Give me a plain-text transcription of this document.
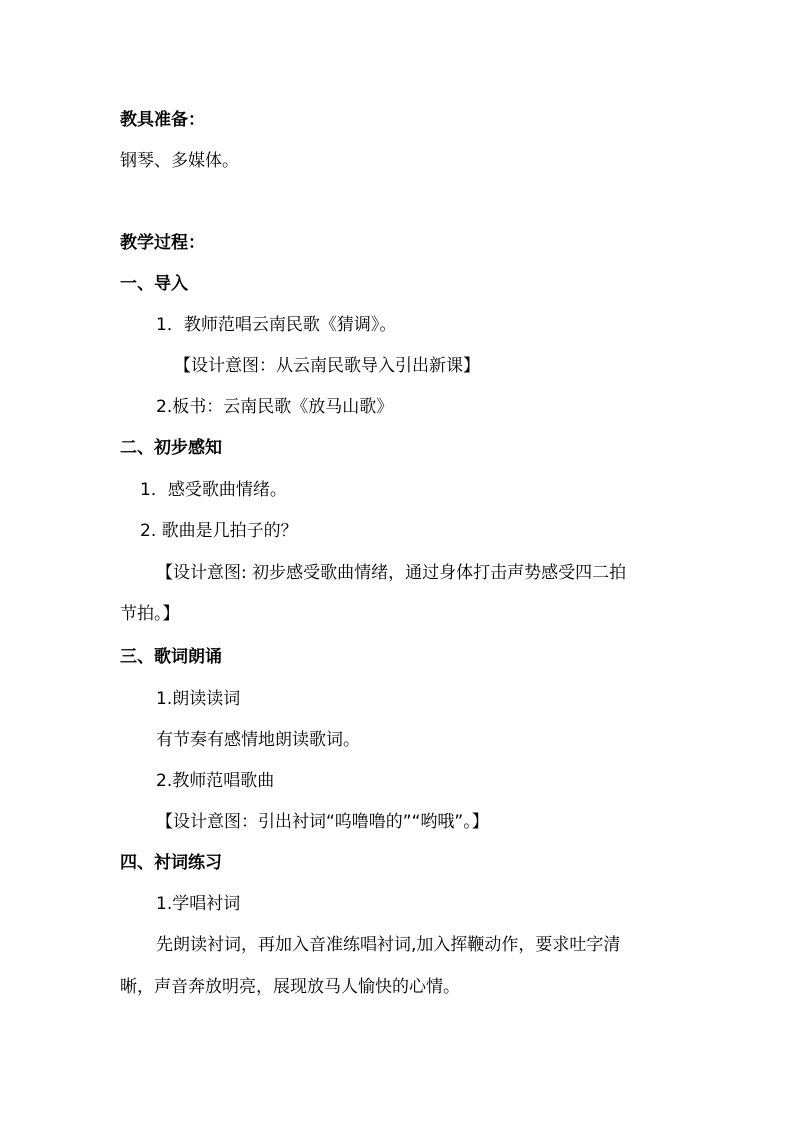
教具准备：
钢琴、多媒体。
教学过程：
一、导入
1．教师范唱云南民歌《猜调》。
【设计意图：从云南民歌导入引出新课】
2.板书：云南民歌《放马山歌》
二、初步感知
1．感受歌曲情绪。
2. 歌曲是几拍子的？
【设计意图: 初步感受歌曲情绪，通过身体打击声势感受四二拍
节拍。】
三、歌词朗诵
1.朗读读词
有节奏有感情地朗读歌词。
2.教师范唱歌曲
【设计意图：引出衬词“呜噜噜的”“哟哦”。】
四、衬词练习
1.学唱衬词
先朗读衬词，再加入音准练唱衬词,加入挥鞭动作，要求吐字清
晰，声音奔放明亮，展现放马人愉快的心情。
